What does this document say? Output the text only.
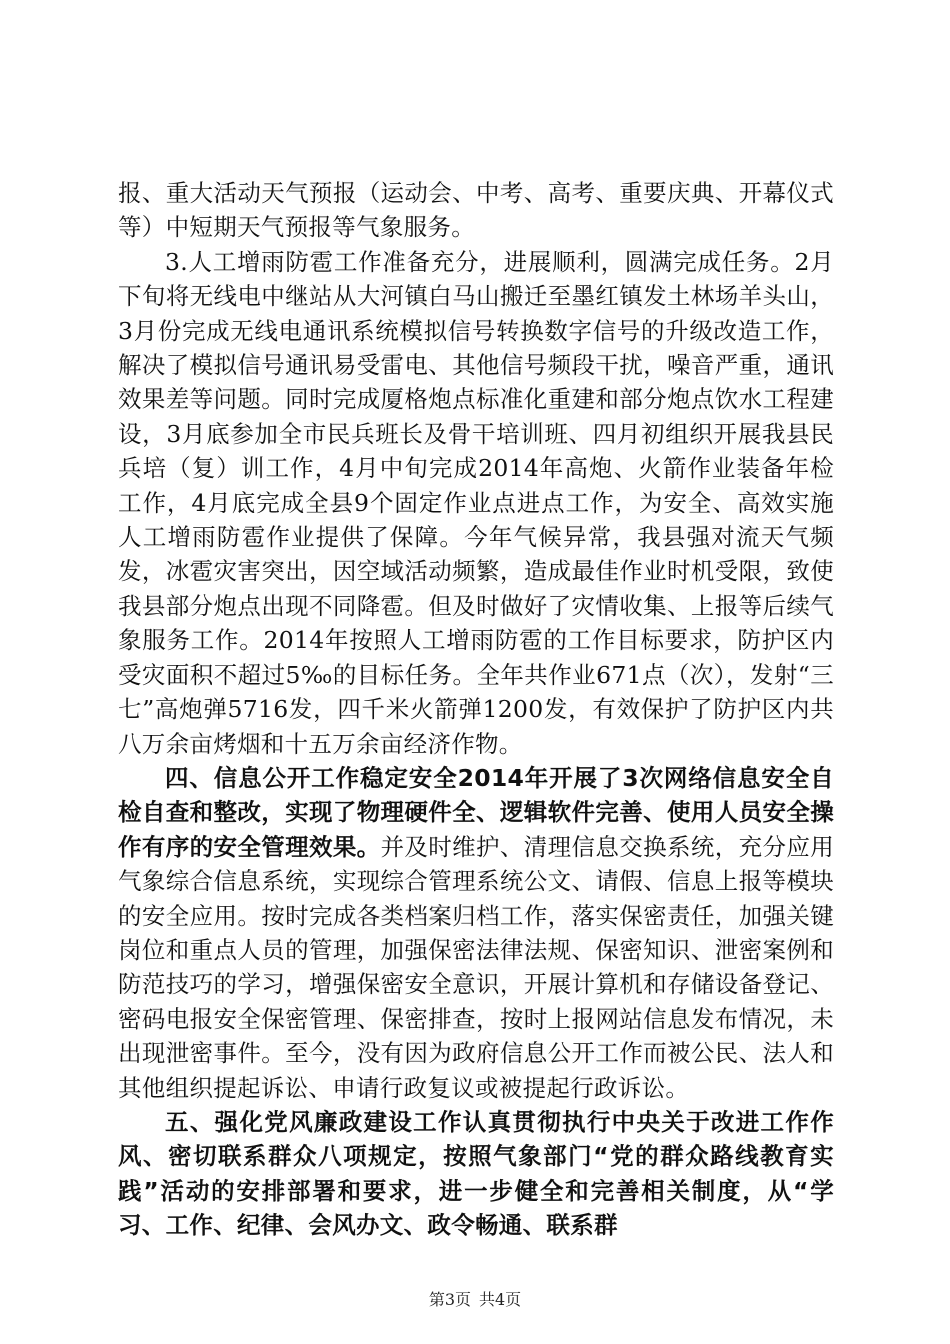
报、重大活动天气预报（运动会、中考、高考、重要庆典、开幕仪式等）中短期天气预报等气象服务。

3.人工增雨防雹工作准备充分，进展顺利，圆满完成任务。2月下旬将无线电中继站从大河镇白马山搬迁至墨红镇发土林场羊头山，3月份完成无线电通讯系统模拟信号转换数字信号的升级改造工作，解决了模拟信号通讯易受雷电、其他信号频段干扰，噪音严重，通讯效果差等问题。同时完成厦格炮点标准化重建和部分炮点饮水工程建设，3月底参加全市民兵班长及骨干培训班、四月初组织开展我县民兵培（复）训工作，4月中旬完成2014年高炮、火箭作业装备年检工作，4月底完成全县9个固定作业点进点工作，为安全、高效实施人工增雨防雹作业提供了保障。今年气候异常，我县强对流天气频发，冰雹灾害突出，因空域活动频繁，造成最佳作业时机受限，致使我县部分炮点出现不同降雹。但及时做好了灾情收集、上报等后续气象服务工作。2014年按照人工增雨防雹的工作目标要求，防护区内受灾面积不超过5‰的目标任务。全年共作业671点（次），发射“三七”高炮弹5716发，四千米火箭弹1200发，有效保护了防护区内共八万余亩烤烟和十五万余亩经济作物。

四、信息公开工作稳定安全2014年开展了3次网络信息安全自检自查和整改，实现了物理硬件全、逻辑软件完善、使用人员安全操作有序的安全管理效果。并及时维护、清理信息交换系统，充分应用气象综合信息系统，实现综合管理系统公文、请假、信息上报等模块的安全应用。按时完成各类档案归档工作，落实保密责任，加强关键岗位和重点人员的管理，加强保密法律法规、保密知识、泄密案例和防范技巧的学习，增强保密安全意识，开展计算机和存储设备登记、密码电报安全保密管理、保密排查，按时上报网站信息发布情况，未出现泄密事件。至今，没有因为政府信息公开工作而被公民、法人和其他组织提起诉讼、申请行政复议或被提起行政诉讼。

五、强化党风廉政建设工作认真贯彻执行中央关于改进工作作风、密切联系群众八项规定，按照气象部门“党的群众路线教育实践”活动的安排部署和要求，进一步健全和完善相关制度，从“学习、工作、纪律、会风办文、政令畅通、联系群

第3页 共4页
